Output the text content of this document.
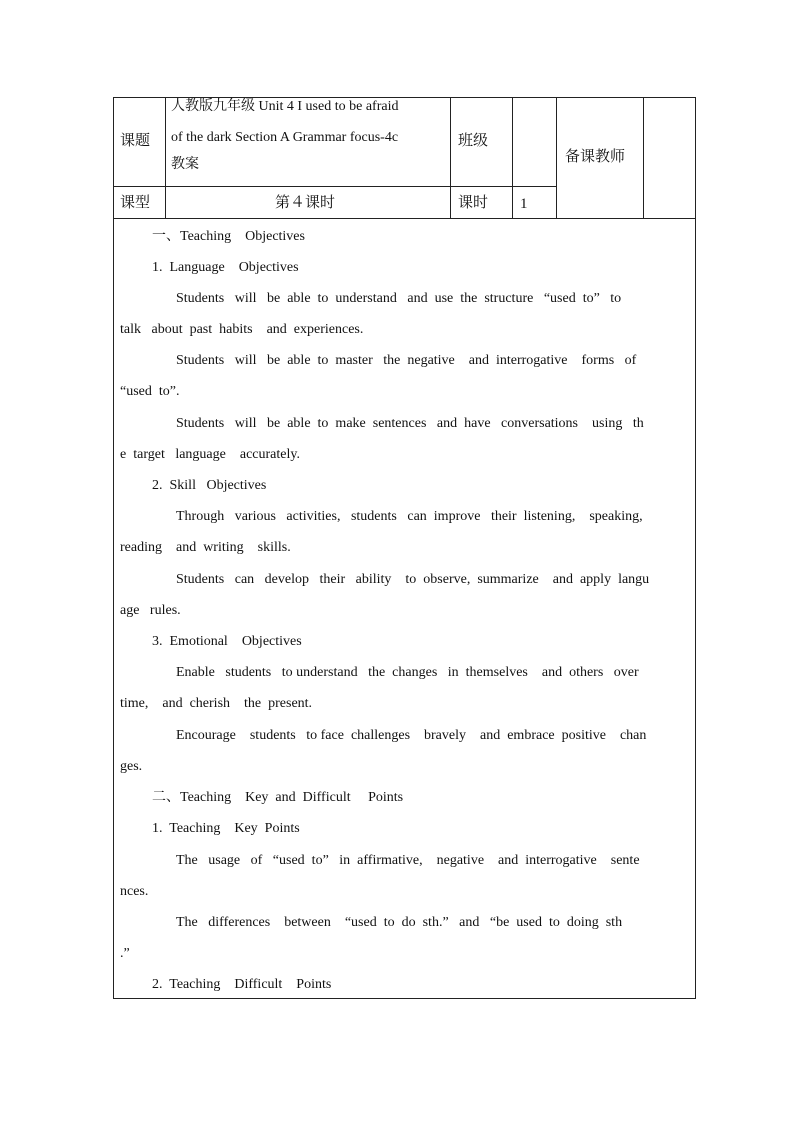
课题
人教版九年级 Unit 4 I used to be afraid
of the dark Section A Grammar focus-4c
教案
班级
备课教师
课型	第４课时	课时 1
一、Teaching    Objectives
1.  Language    Objectives
Students   will   be  able  to  understand   and  use  the  structure   “used  to”   to
talk   about  past  habits    and  experiences.
Students   will   be  able  to  master   the  negative    and  interrogative    forms   of
“used  to”.
Students   will   be  able  to  make  sentences   and  have   conversations    using   th
e  target   language    accurately.
2.  Skill   Objectives
Through   various   activities,   students   can  improve   their  listening,    speaking,
reading    and  writing    skills.
Students   can   develop   their   ability    to  observe,  summarize    and  apply  langu
age   rules.
3.  Emotional    Objectives
Enable   students   to understand   the  changes   in  themselves    and  others   over
time,    and  cherish    the  present.
Encourage    students   to face  challenges    bravely    and  embrace  positive    chan
ges.
二、Teaching    Key  and  Difficult     Points
1.  Teaching    Key  Points
The   usage   of   “used  to”   in  affirmative,    negative    and  interrogative    sente
nces.
The   differences    between    “used  to  do  sth.”   and   “be  used  to  doing  sth
.”
2.  Teaching    Difficult    Points
